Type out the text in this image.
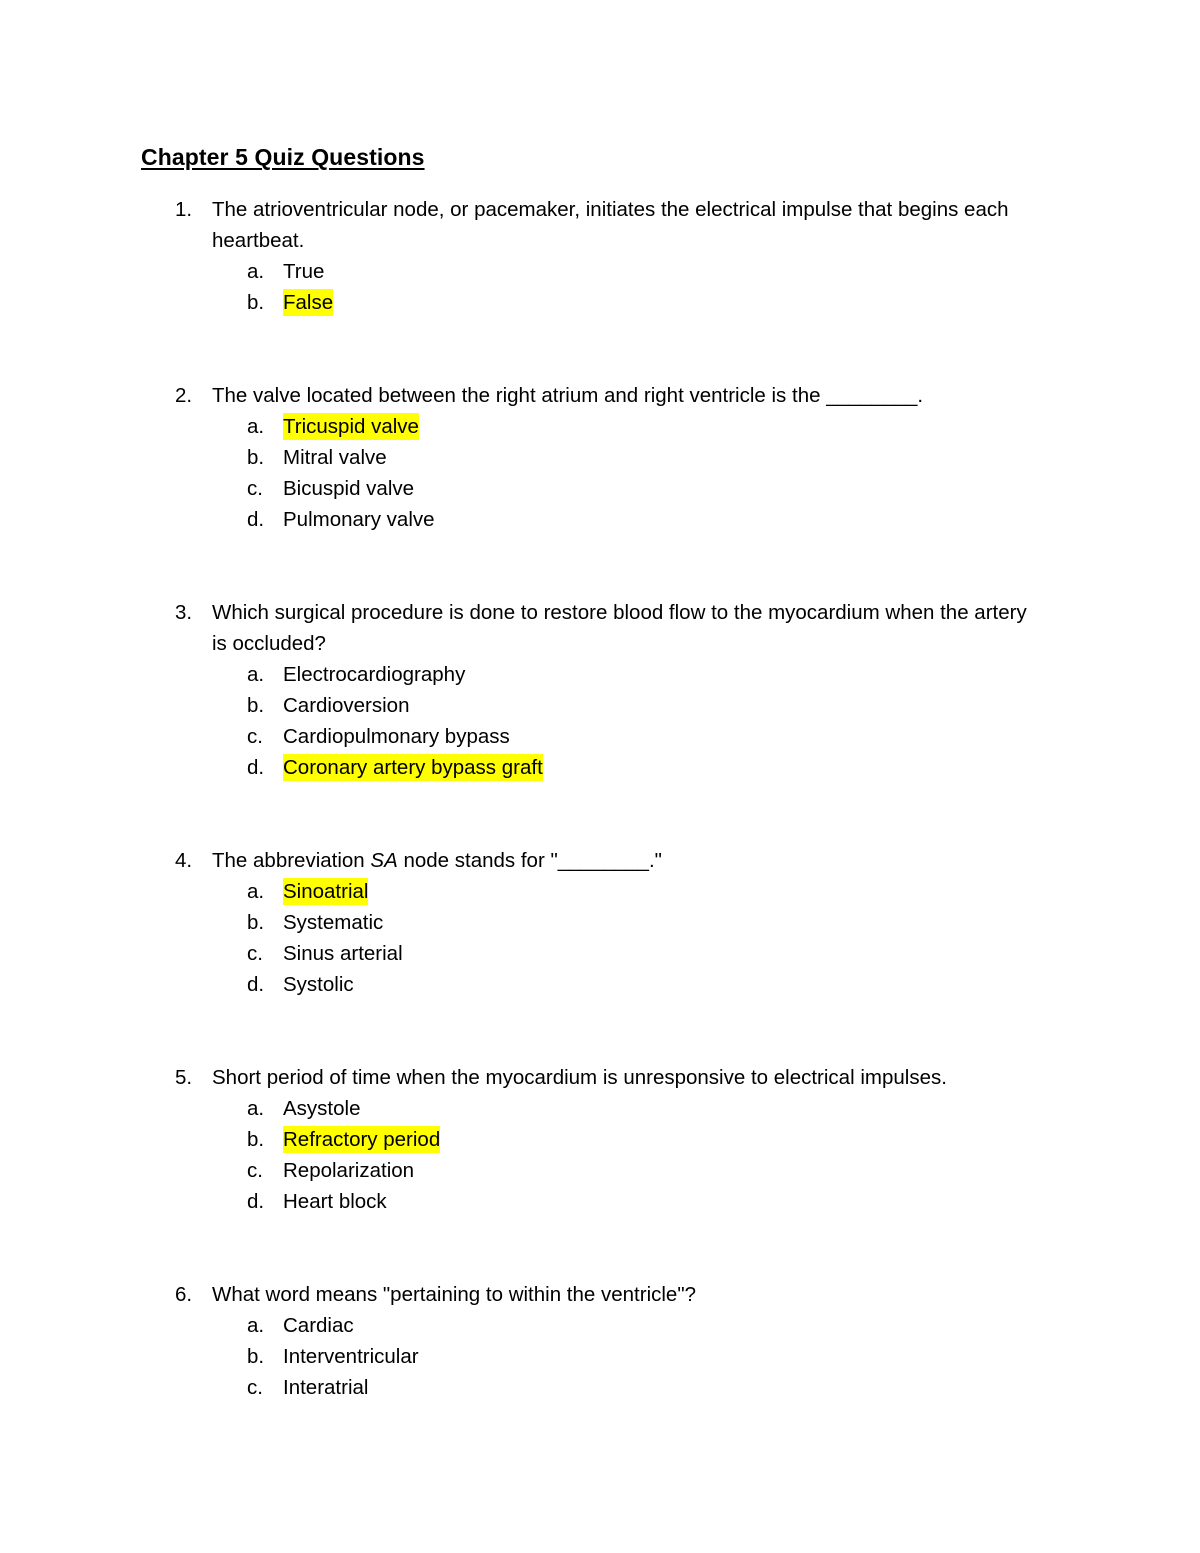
Chapter 5 Quiz Questions
1. The atrioventricular node, or pacemaker, initiates the electrical impulse that begins each heartbeat.
a. True
b. False
2. The valve located between the right atrium and right ventricle is the ________.
a. Tricuspid valve
b. Mitral valve
c. Bicuspid valve
d. Pulmonary valve
3. Which surgical procedure is done to restore blood flow to the myocardium when the artery is occluded?
a. Electrocardiography
b. Cardioversion
c. Cardiopulmonary bypass
d. Coronary artery bypass graft
4. The abbreviation SA node stands for "________."
a. Sinoatrial
b. Systematic
c. Sinus arterial
d. Systolic
5. Short period of time when the myocardium is unresponsive to electrical impulses.
a. Asystole
b. Refractory period
c. Repolarization
d. Heart block
6. What word means "pertaining to within the ventricle"?
a. Cardiac
b. Interventricular
c. Interatrial
